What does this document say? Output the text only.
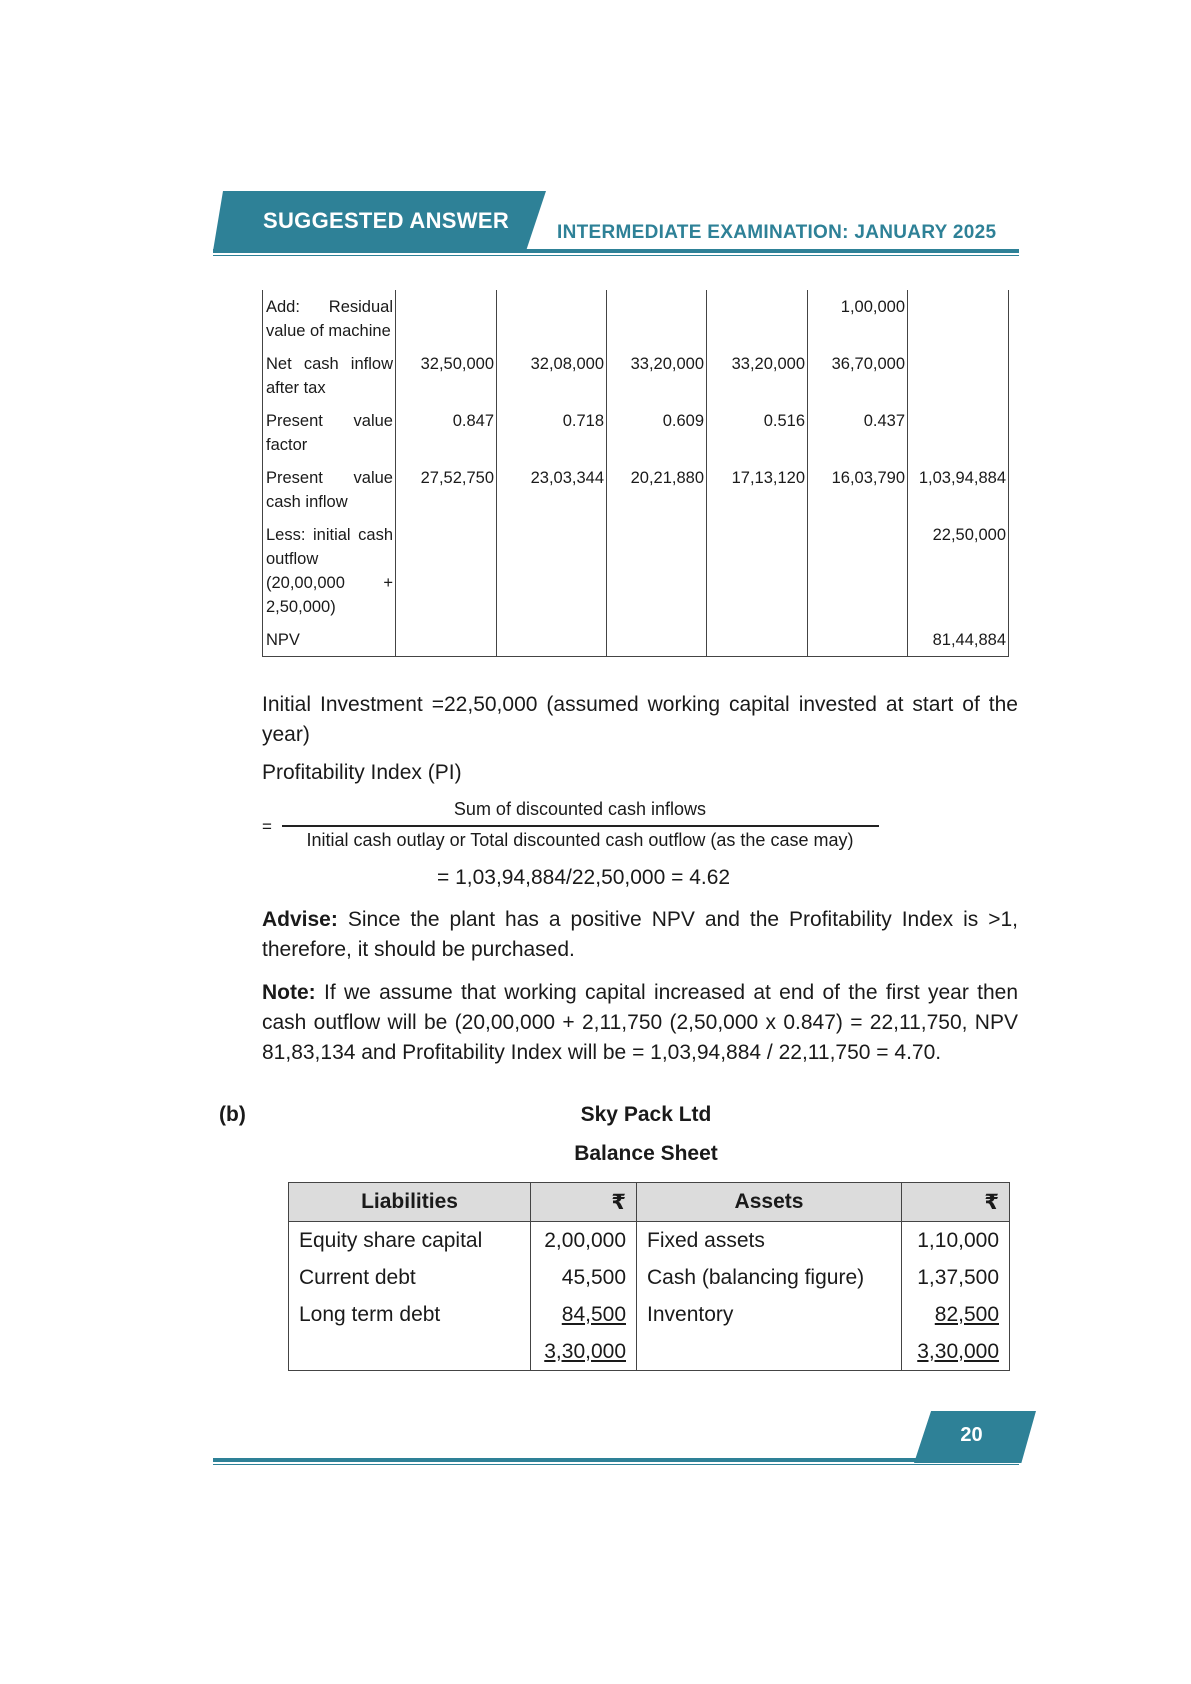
SUGGESTED ANSWER	INTERMEDIATE EXAMINATION: JANUARY 2025
Add: Residual value of machine					1,00,000	
Net cash inflow after tax	32,50,000	32,08,000	33,20,000	33,20,000	36,70,000	
Present value factor	0.847	0.718	0.609	0.516	0.437	
Present value cash inflow	27,52,750	23,03,344	20,21,880	17,13,120	16,03,790	1,03,94,884
Less: initial cash outflow (20,00,000 + 2,50,000)						22,50,000
NPV						81,44,884
Initial Investment =22,50,000 (assumed working capital invested at start of the year)
Profitability Index (PI)
=
Sum of discounted cash inflows
Initial cash outlay or Total discounted cash outflow (as the case may)
= 1,03,94,884/22,50,000 = 4.62
Advise: Since the plant has a positive NPV and the Profitability Index is >1, therefore, it should be purchased.
Note: If we assume that working capital increased at end of the first year then cash outflow will be (20,00,000 + 2,11,750 (2,50,000 x 0.847) = 22,11,750, NPV 81,83,134 and Profitability Index will be = 1,03,94,884 / 22,11,750 = 4.70.
(b)	Sky Pack Ltd
Balance Sheet
Liabilities	₹	Assets	₹
Equity share capital	2,00,000	Fixed assets	1,10,000
Current debt	45,500	Cash (balancing figure)	1,37,500
Long term debt	84,500	Inventory	82,500
	3,30,000		3,30,000
20
